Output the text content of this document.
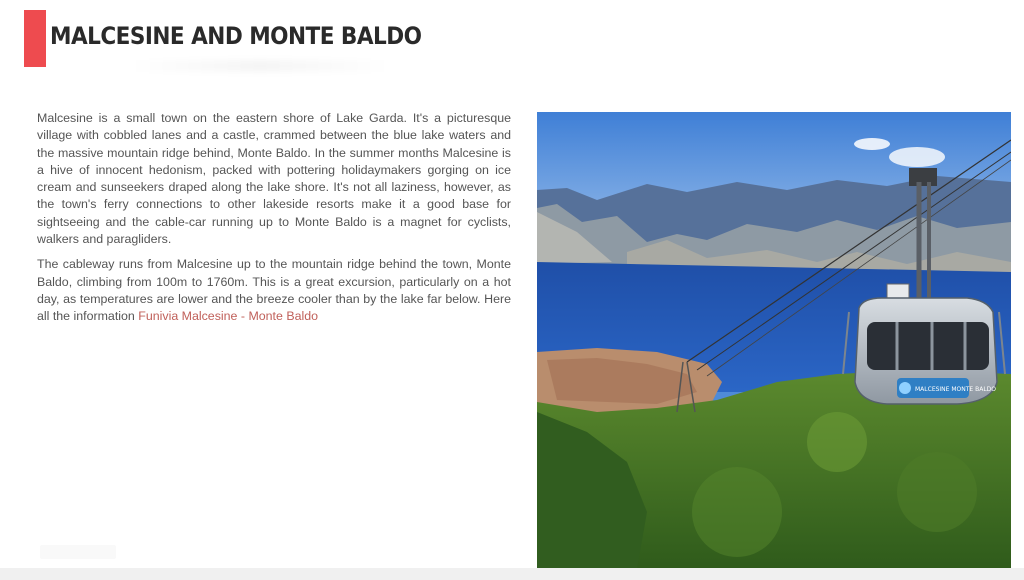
MALCESINE AND MONTE BALDO

Malcesine is a small town on the eastern shore of Lake Garda. It's a picturesque village with cobbled lanes and a castle, crammed between the blue lake waters and the massive mountain ridge behind, Monte Baldo. In the summer months Malcesine is a hive of innocent hedonism, packed with pottering holidaymakers gorging on ice cream and sunseekers draped along the lake shore. It's not all laziness, however, as the town's ferry connections to other lakeside resorts make it a good base for sightseeing and the cable-car running up to Monte Baldo is a magnet for cyclists, walkers and paragliders.

The cableway runs from Malcesine up to the mountain ridge behind the town, Monte Baldo, climbing from 100m to 1760m. This is a great excursion, particularly on a hot day, as temperatures are lower and the breeze cooler than by the lake far below. Here all the information Funivia Malcesine - Monte Baldo

MALCESINE MONTE BALDO
